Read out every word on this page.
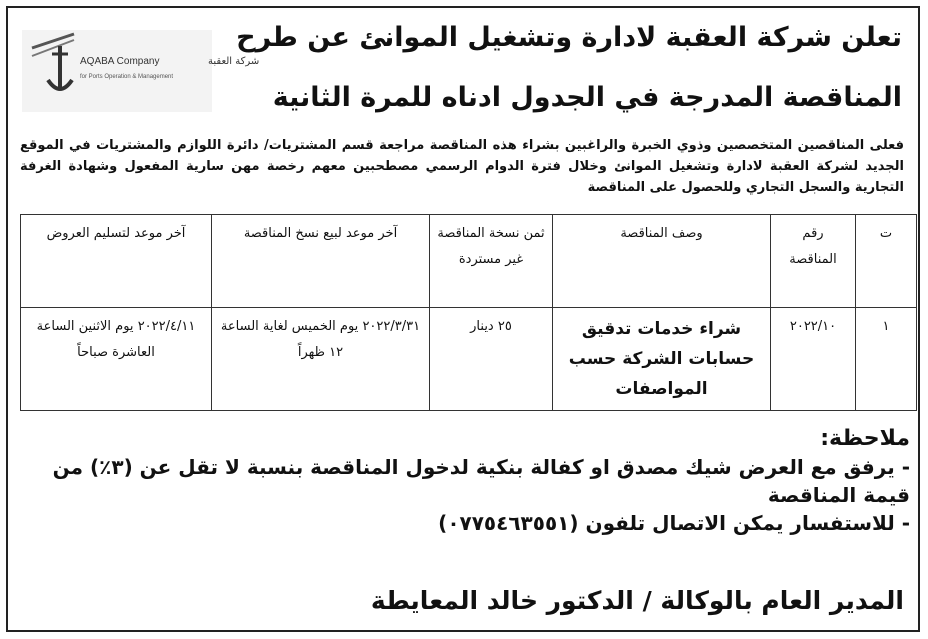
AQABA Company	شركة العقبة
for Ports Operation & Management
تعلن شركة العقبة لادارة وتشغيل الموانئ عن طرح
المناقصة المدرجة في الجدول ادناه للمرة الثانية
فعلى المناقصين المتخصصين وذوي الخبرة والراغبين بشراء هذه المناقصة مراجعة قسم المشتريات/ دائرة اللوازم والمشتريات في الموقع الجديد لشركة العقبة لادارة وتشغيل الموانئ وخلال فترة الدوام الرسمي مصطحبين معهم رخصة مهن سارية المفعول وشهادة الغرفة التجارية والسجل التجاري وللحصول على المناقصة
ت	رقم المناقصة	وصف المناقصة	ثمن نسخة المناقصة غير مستردة	آخر موعد لبيع نسخ المناقصة	آخر موعد لتسليم العروض
١	٢٠٢٢/١٠	شراء خدمات تدقيق حسابات الشركة حسب المواصفات	٢٥ دينار	٢٠٢٢/٣/٣١ يوم الخميس لغاية الساعة ١٢ ظهراً	٢٠٢٢/٤/١١ يوم الاثنين الساعة العاشرة صباحاً
ملاحظة:
- يرفق مع العرض شيك مصدق او كفالة بنكية لدخول المناقصة بنسبة لا تقل عن (٣٪) من قيمة المناقصة
- للاستفسار يمكن الاتصال تلفون (٠٧٧٥٤٦٣٥٥١)
المدير العام بالوكالة / الدكتور خالد المعايطة
